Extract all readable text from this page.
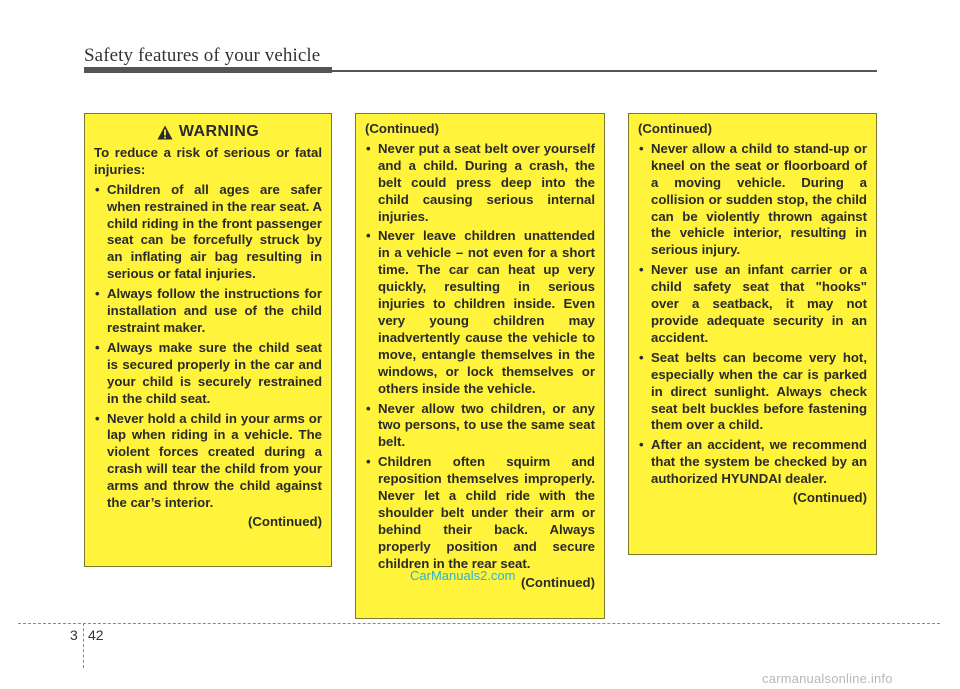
Safety features of your vehicle
WARNING
To reduce a risk of serious or fatal injuries:
• Children of all ages are safer when restrained in the rear seat. A child riding in the front passenger seat can be forcefully struck by an inflating air bag resulting in serious or fatal injuries.
• Always follow the instructions for installation and use of the child restraint maker.
• Always make sure the child seat is secured properly in the car and your child is securely restrained in the child seat.
• Never hold a child in your arms or lap when riding in a vehicle. The violent forces created during a crash will tear the child from your arms and throw the child against the car’s interior.
(Continued)
(Continued)
• Never put a seat belt over yourself and a child. During a crash, the belt could press deep into the child causing serious internal injuries.
• Never leave children unattended in a vehicle – not even for a short time. The car can heat up very quickly, resulting in serious injuries to children inside. Even very young children may inadvertently cause the vehicle to move, entangle themselves in the windows, or lock themselves or others inside the vehicle.
• Never allow two children, or any two persons, to use the same seat belt.
• Children often squirm and reposition themselves improperly. Never let a child ride with the shoulder belt under their arm or behind their back. Always properly position and secure children in the rear seat.
(Continued)
(Continued)
• Never allow a child to stand-up or kneel on the seat or floorboard of a moving vehicle. During a collision or sudden stop, the child can be violently thrown against the vehicle interior, resulting in serious injury.
• Never use an infant carrier or a child safety seat that "hooks" over a seatback, it may not provide adequate security in an accident.
• Seat belts can become very hot, especially when the car is parked in direct sunlight. Always check seat belt buckles before fastening them over a child.
• After an accident, we recommend that the system be checked by an authorized HYUNDAI dealer.
(Continued)
CarManuals2.com
3 42
carmanualsonline.info
